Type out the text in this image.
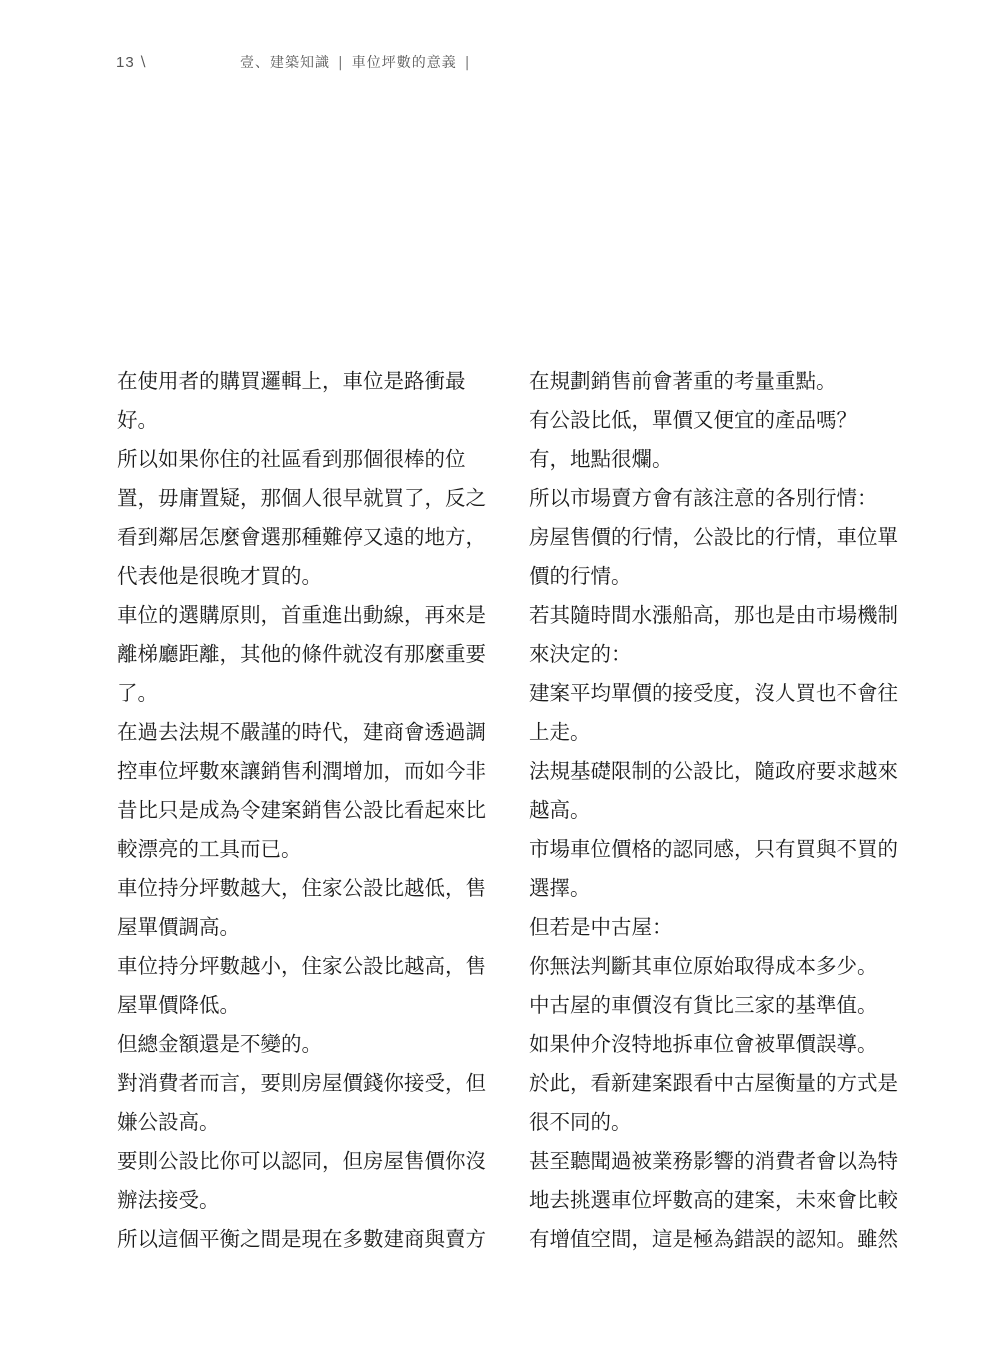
13 \	壹、建築知識 | 車位坪數的意義 |
在使用者的購買邏輯上，車位是路衝最
好。
所以如果你住的社區看到那個很棒的位
置，毋庸置疑，那個人很早就買了，反之
看到鄰居怎麼會選那種難停又遠的地方，
代表他是很晚才買的。
車位的選購原則，首重進出動線，再來是
離梯廳距離，其他的條件就沒有那麼重要
了。
在過去法規不嚴謹的時代，建商會透過調
控車位坪數來讓銷售利潤增加，而如今非
昔比只是成為令建案銷售公設比看起來比
較漂亮的工具而已。
車位持分坪數越大，住家公設比越低，售
屋單價調高。
車位持分坪數越小，住家公設比越高，售
屋單價降低。
但總金額還是不變的。
對消費者而言，要則房屋價錢你接受，但
嫌公設高。
要則公設比你可以認同，但房屋售價你沒
辦法接受。
所以這個平衡之間是現在多數建商與賣方
在規劃銷售前會著重的考量重點。
有公設比低，單價又便宜的產品嗎？
有，地點很爛。
所以市場賣方會有該注意的各別行情：
房屋售價的行情，公設比的行情，車位單
價的行情。
若其隨時間水漲船高，那也是由市場機制
來決定的：
建案平均單價的接受度，沒人買也不會往
上走。
法規基礎限制的公設比，隨政府要求越來
越高。
市場車位價格的認同感，只有買與不買的
選擇。
但若是中古屋：
你無法判斷其車位原始取得成本多少。
中古屋的車價沒有貨比三家的基準值。
如果仲介沒特地拆車位會被單價誤導。
於此，看新建案跟看中古屋衡量的方式是
很不同的。
甚至聽聞過被業務影響的消費者會以為特
地去挑選車位坪數高的建案，未來會比較
有增值空間，這是極為錯誤的認知。雖然
